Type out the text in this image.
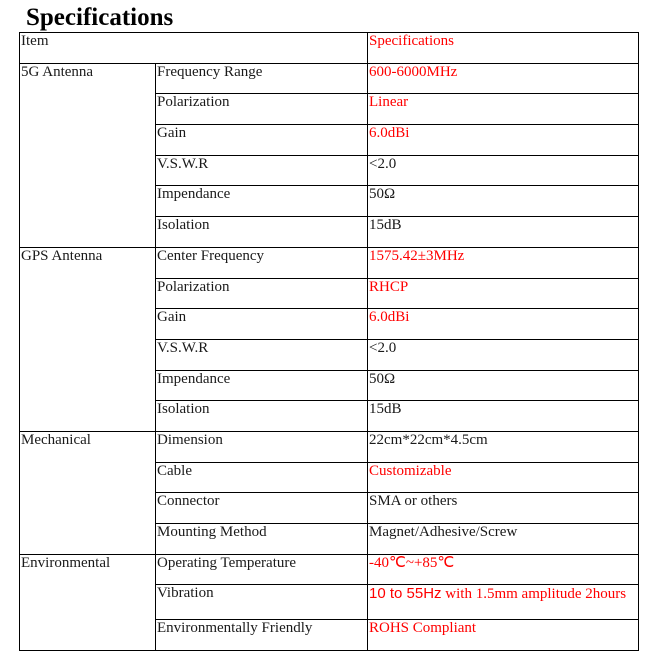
Specifications
Item		Specifications
5G Antenna	Frequency Range	600-6000MHz
	Polarization	Linear
	Gain	6.0dBi
	V.S.W.R	<2.0
	Impendance	50Ω
	Isolation	15dB
GPS Antenna	Center Frequency	1575.42±3MHz
	Polarization	RHCP
	Gain	6.0dBi
	V.S.W.R	<2.0
	Impendance	50Ω
	Isolation	15dB
Mechanical	Dimension	22cm*22cm*4.5cm
	Cable	Customizable
	Connector	SMA or others
	Mounting Method	Magnet/Adhesive/Screw
Environmental	Operating Temperature	-40℃~+85℃
	Vibration	10 to 55Hz with 1.5mm amplitude 2hours
	Environmentally Friendly	ROHS Compliant
